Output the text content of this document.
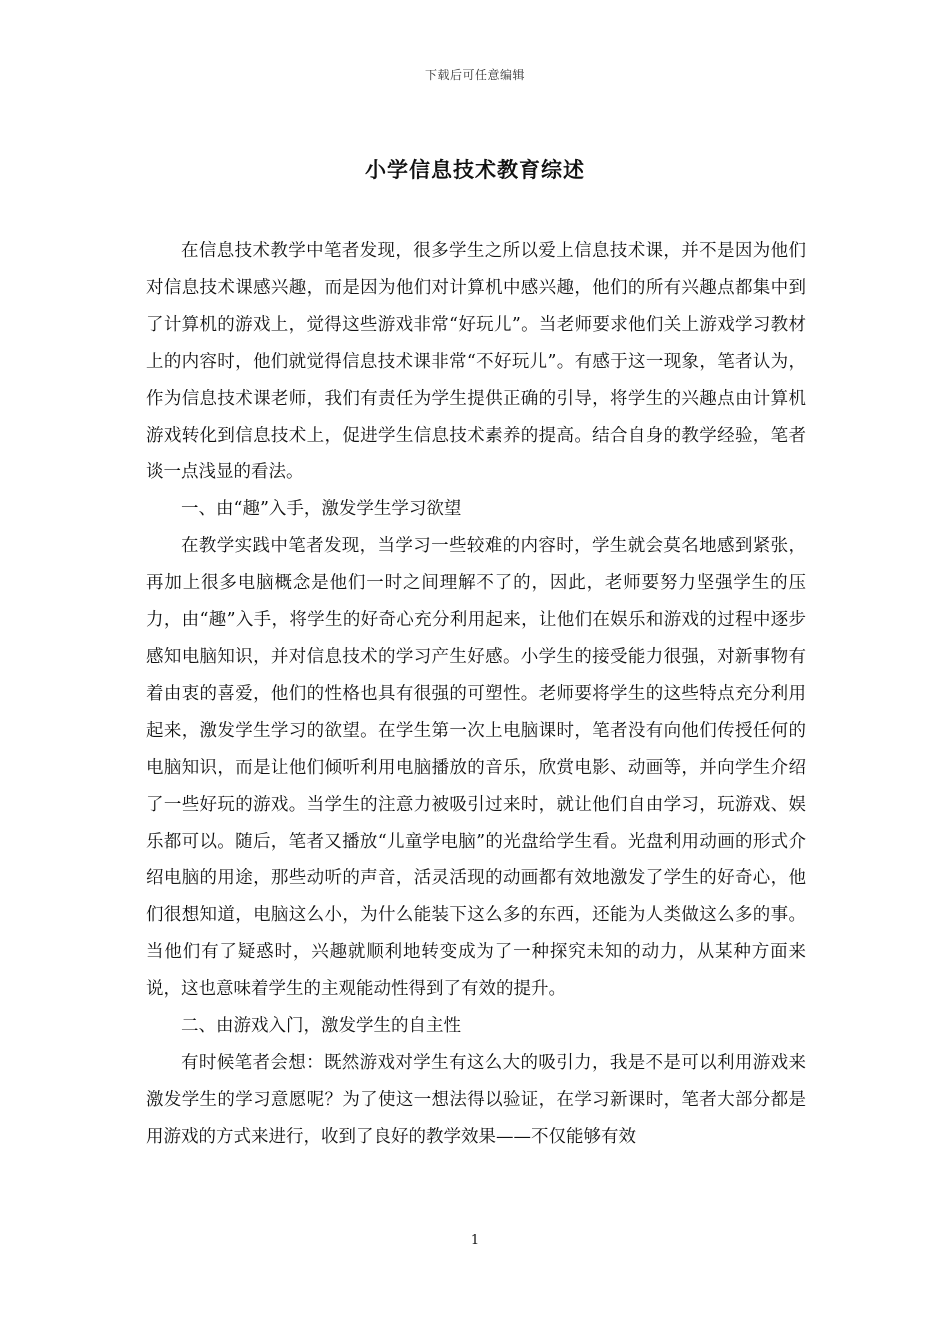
下载后可任意编辑
小学信息技术教育综述

在信息技术教学中笔者发现，很多学生之所以爱上信息技术课，并不是因为他们对信息技术课感兴趣，而是因为他们对计算机中感兴趣，他们的所有兴趣点都集中到了计算机的游戏上，觉得这些游戏非常“好玩儿”。当老师要求他们关上游戏学习教材上的内容时，他们就觉得信息技术课非常“不好玩儿”。有感于这一现象，笔者认为，作为信息技术课老师，我们有责任为学生提供正确的引导，将学生的兴趣点由计算机游戏转化到信息技术上，促进学生信息技术素养的提高。结合自身的教学经验，笔者谈一点浅显的看法。

一、由“趣”入手，激发学生学习欲望

在教学实践中笔者发现，当学习一些较难的内容时，学生就会莫名地感到紧张，再加上很多电脑概念是他们一时之间理解不了的，因此，老师要努力坚强学生的压力，由“趣”入手，将学生的好奇心充分利用起来，让他们在娱乐和游戏的过程中逐步感知电脑知识，并对信息技术的学习产生好感。小学生的接受能力很强，对新事物有着由衷的喜爱，他们的性格也具有很强的可塑性。老师要将学生的这些特点充分利用起来，激发学生学习的欲望。在学生第一次上电脑课时，笔者没有向他们传授任何的电脑知识，而是让他们倾听利用电脑播放的音乐，欣赏电影、动画等，并向学生介绍了一些好玩的游戏。当学生的注意力被吸引过来时，就让他们自由学习，玩游戏、娱乐都可以。随后，笔者又播放“儿童学电脑”的光盘给学生看。光盘利用动画的形式介绍电脑的用途，那些动听的声音，活灵活现的动画都有效地激发了学生的好奇心，他们很想知道，电脑这么小，为什么能装下这么多的东西，还能为人类做这么多的事。当他们有了疑惑时，兴趣就顺利地转变成为了一种探究未知的动力，从某种方面来说，这也意味着学生的主观能动性得到了有效的提升。

二、由游戏入门，激发学生的自主性

有时候笔者会想：既然游戏对学生有这么大的吸引力，我是不是可以利用游戏来激发学生的学习意愿呢？为了使这一想法得以验证，在学习新课时，笔者大部分都是用游戏的方式来进行，收到了良好的教学效果——不仅能够有效

1
